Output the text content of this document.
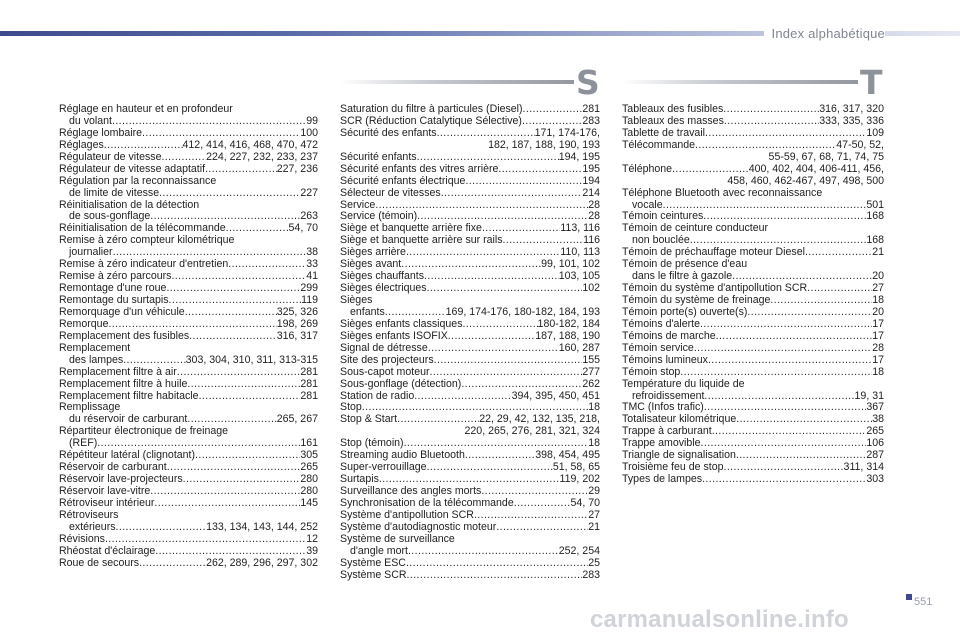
Index alphabétique
S	T
Réglage en hauteur et en profondeur
du volant .....	99
Réglage lombaire .....	100
Réglages .....	412, 414, 416, 468, 470, 472
Régulateur de vitesse .....	224, 227, 232, 233, 237
Régulateur de vitesse adaptatif .....	227, 236
Régulation par la reconnaissance
de limite de vitesse .....	227
Réinitialisation de la détection
de sous-gonflage .....	263
Réinitialisation de la télécommande .....	54, 70
Remise à zéro compteur kilométrique
journalier .....	38
Remise à zéro indicateur d'entretien .....	33
Remise à zéro parcours .....	41
Remontage d'une roue .....	299
Remontage du surtapis .....	119
Remorquage d'un véhicule .....	325, 326
Remorque .....	198, 269
Remplacement des fusibles .....	316, 317
Remplacement
des lampes .....	303, 304, 310, 311, 313-315
Remplacement filtre à air .....	281
Remplacement filtre à huile .....	281
Remplacement filtre habitacle .....	281
Remplissage
du réservoir de carburant .....	265, 267
Répartiteur électronique de freinage
(REF) .....	161
Répétiteur latéral (clignotant) .....	305
Réservoir de carburant .....	265
Réservoir lave-projecteurs .....	280
Réservoir lave-vitre .....	280
Rétroviseur intérieur .....	145
Rétroviseurs
extérieurs .....	133, 134, 143, 144, 252
Révisions .....	12
Rhéostat d'éclairage .....	39
Roue de secours .....	262, 289, 296, 297, 302
Saturation du filtre à particules (Diesel) .....	281
SCR (Réduction Catalytique Sélective) .....	283
Sécurité des enfants .....	171, 174-176,
182, 187, 188, 190, 193
Sécurité enfants .....	194, 195
Sécurité enfants des vitres arrière .....	195
Sécurité enfants électrique .....	194
Sélecteur de vitesses .....	214
Service .....	28
Service (témoin) .....	28
Siège et banquette arrière fixe .....	113, 116
Siège et banquette arrière sur rails .....	116
Sièges arrière .....	110, 113
Sièges avant .....	99, 101, 102
Sièges chauffants .....	103, 105
Sièges électriques .....	102
Sièges
enfants .....	169, 174-176, 180-182, 184, 193
Sièges enfants classiques .....	180-182, 184
Sièges enfants ISOFIX .....	187, 188, 190
Signal de détresse .....	160, 287
Site des projecteurs .....	155
Sous-capot moteur .....	277
Sous-gonflage (détection) .....	262
Station de radio .....	394, 395, 450, 451
Stop .....	18
Stop & Start .....	22, 29, 42, 132, 135, 218,
220, 265, 276, 281, 321, 324
Stop (témoin) .....	18
Streaming audio Bluetooth .....	398, 454, 495
Super-verrouillage .....	51, 58, 65
Surtapis .....	119, 202
Surveillance des angles morts .....	29
Synchronisation de la télécommande .....	54, 70
Système d'antipollution SCR .....	27
Système d'autodiagnostic moteur .....	21
Système de surveillance
d'angle mort .....	252, 254
Système ESC .....	25
Système SCR .....	283
Tableaux des fusibles .....	316, 317, 320
Tableaux des masses .....	333, 335, 336
Tablette de travail .....	109
Télécommande .....	47-50, 52,
55-59, 67, 68, 71, 74, 75
Téléphone .....	400, 402, 404, 406-411, 456,
458, 460, 462-467, 497, 498, 500
Téléphone Bluetooth avec reconnaissance
vocale .....	501
Témoin ceintures .....	168
Témoin de ceinture conducteur
non bouclée .....	168
Témoin de préchauffage moteur Diesel .....	21
Témoin de présence d'eau
dans le filtre à gazole .....	20
Témoin du système d'antipollution SCR .....	27
Témoin du système de freinage .....	18
Témoin porte(s) ouverte(s) .....	20
Témoins d'alerte .....	17
Témoins de marche .....	17
Témoin service .....	28
Témoins lumineux .....	17
Témoin stop .....	18
Température du liquide de
refroidissement .....	19, 31
TMC (Infos trafic) .....	367
Totalisateur kilométrique .....	38
Trappe à carburant .....	265
Trappe amovible .....	106
Triangle de signalisation .....	287
Troisième feu de stop .....	311, 314
Types de lampes .....	303
551
carmanualsonline.info
